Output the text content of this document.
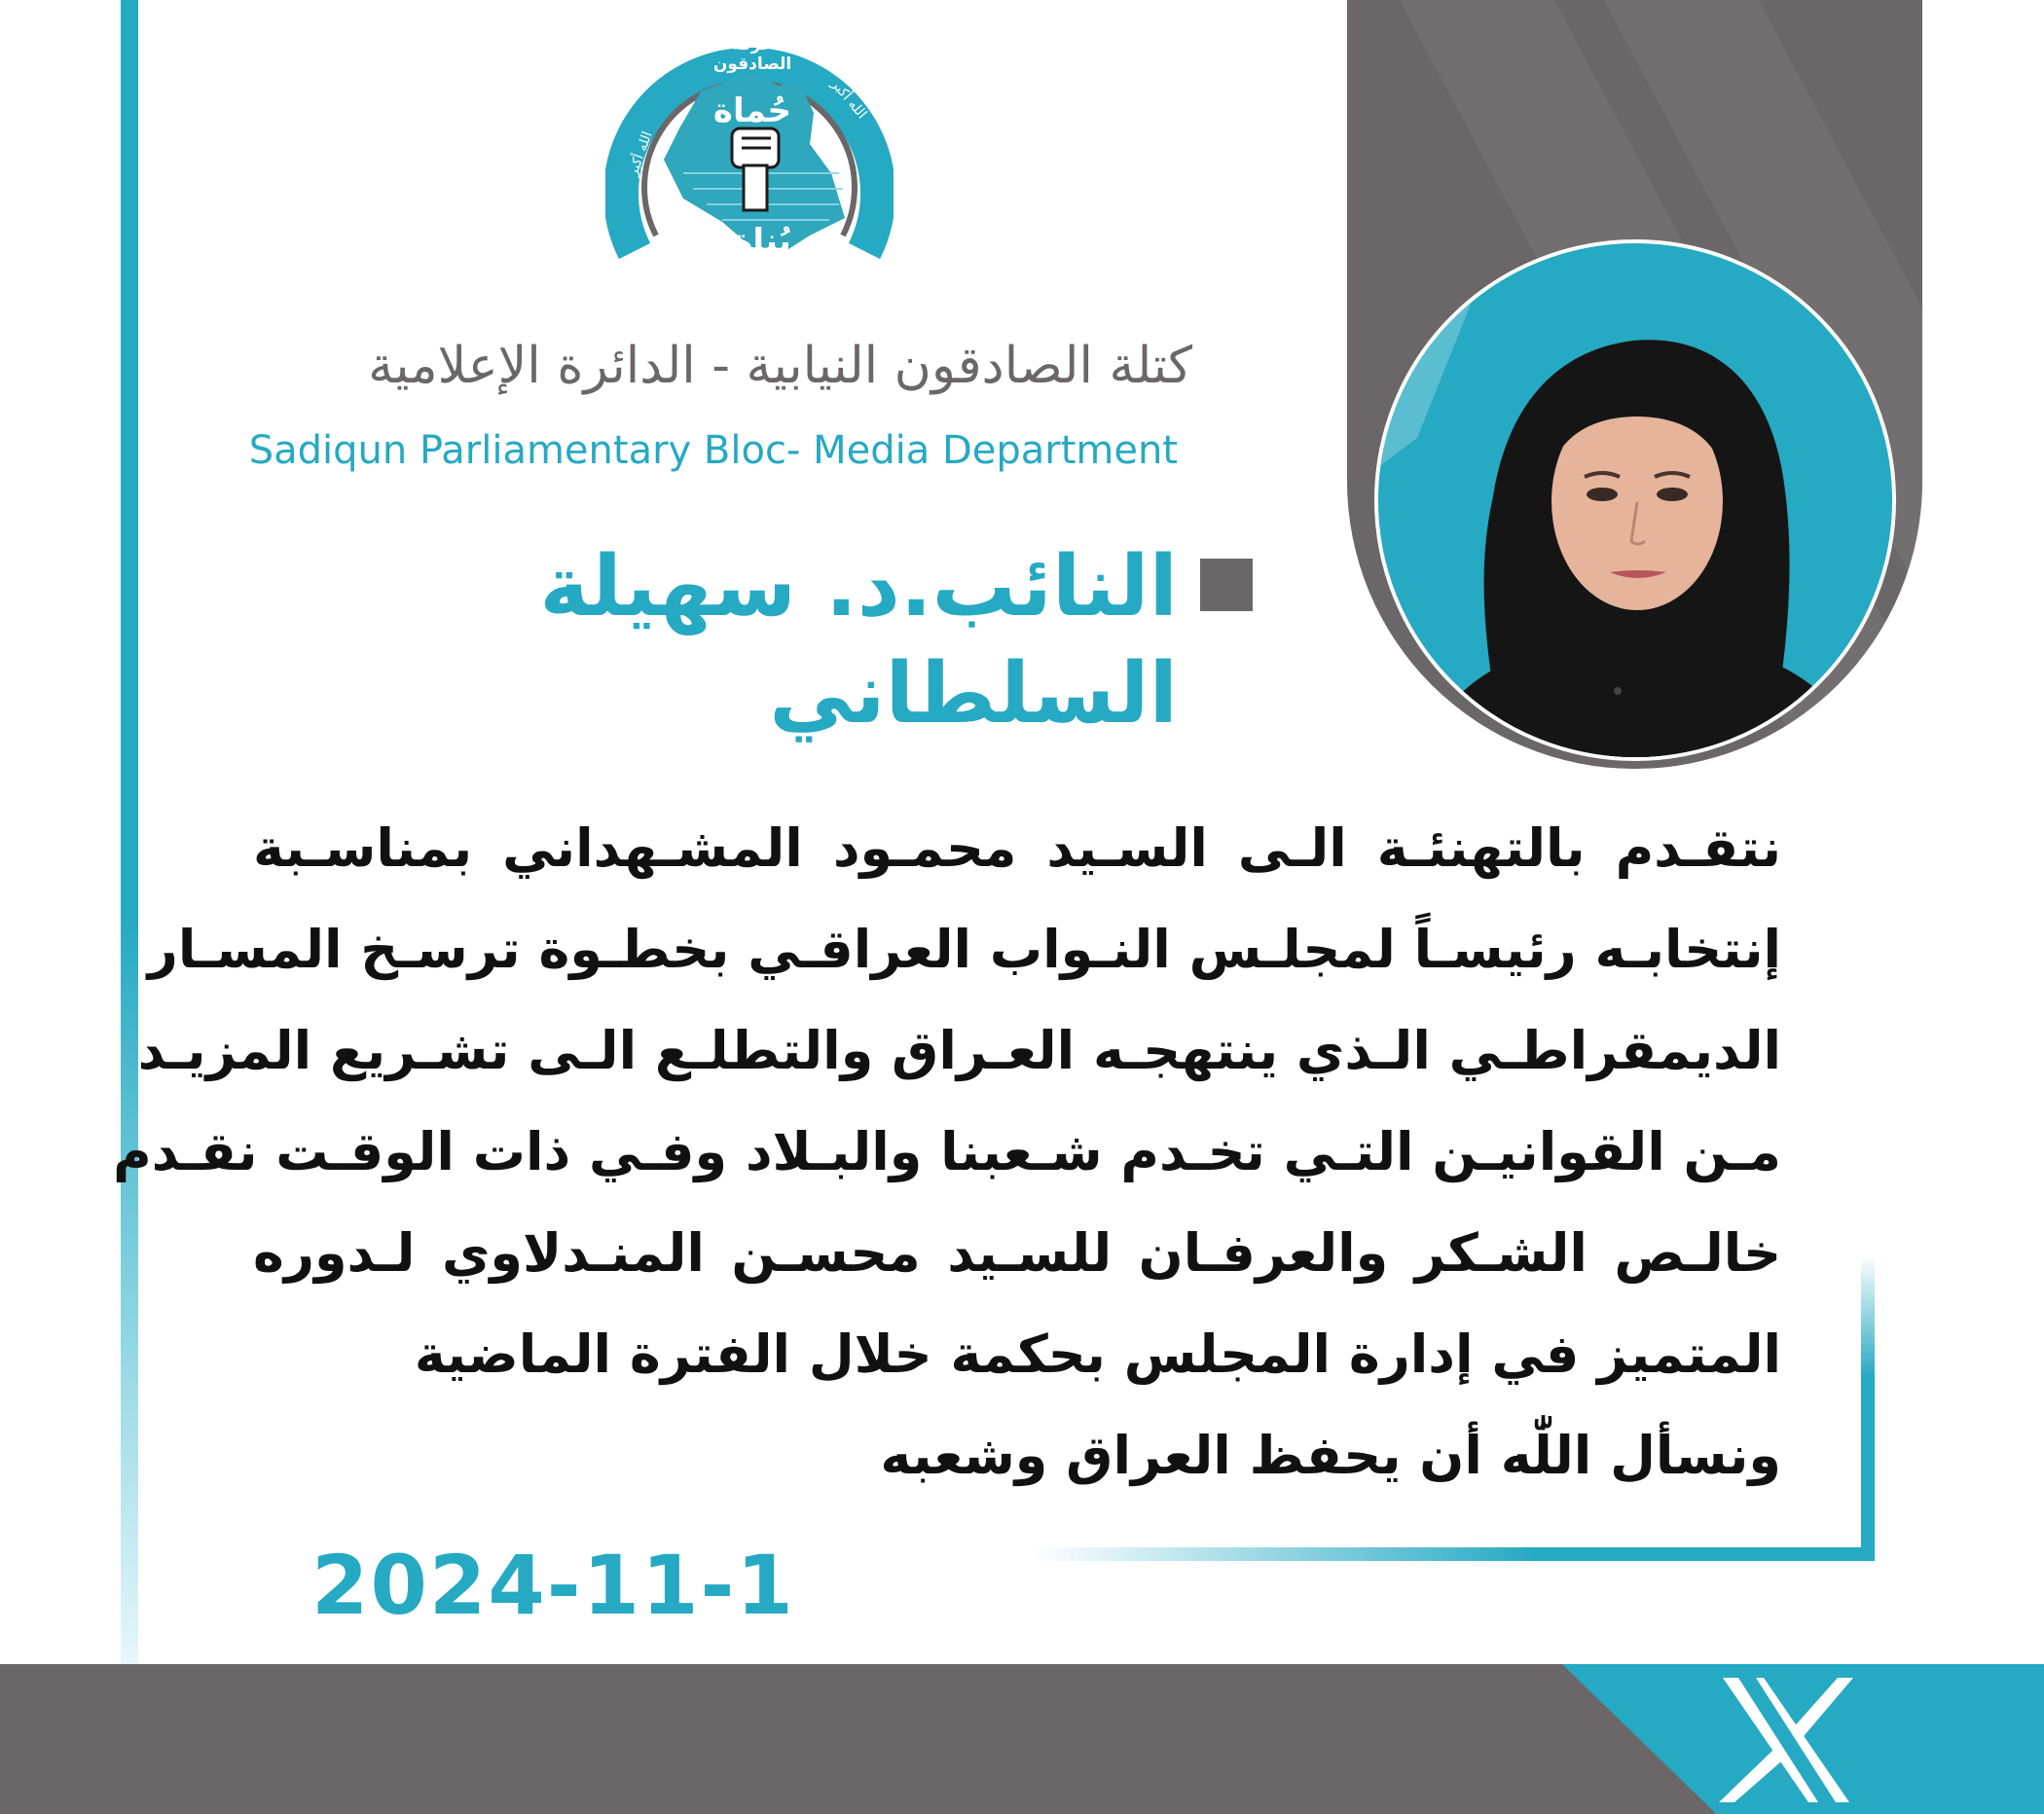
حركة الصادقون
الله أكبر
الله أكبر
حُماة
بُناة
كتلة الصادقون النيابية - الدائرة الإعلامية
Sadiqun Parliamentary Bloc- Media Department
النائب.د. سهيلة السلطاني
نتقـدم بالتهنئـة الـى السـيد محمـود المشـهداني بمناسـبة
إنتخابـه رئيسـاً لمجلـس النـواب العراقـي بخطـوة ترسـخ المسـار
الديمقراطـي الـذي ينتهجـه العـراق والتطلـع الـى تشـريع المزيـد
مـن القوانيـن التـي تخـدم شـعبنا والبـلاد وفـي ذات الوقـت نقـدم
خالـص الشـكر والعرفـان للسـيد محسـن المنـدلاوي لـدوره
المتميز في إدارة المجلس بحكمة خلال الفترة الماضية
ونسأل اللّٰه أن يحفظ العراق وشعبه
2024-11-1
